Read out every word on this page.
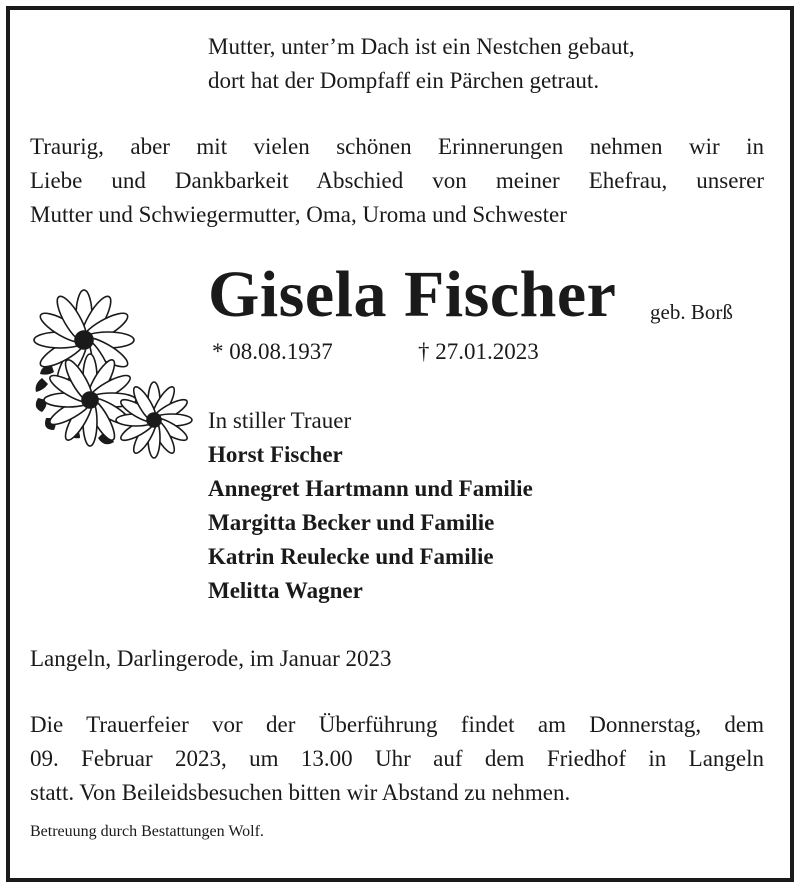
Mutter, unter’m Dach ist ein Nestchen gebaut,

dort hat der Dompfaff ein Pärchen getraut.

Traurig, aber mit vielen schönen Erinnerungen nehmen wir in
Liebe und Dankbarkeit Abschied von meiner Ehefrau, unserer
Mutter und Schwiegermutter, Oma, Uroma und Schwester

Gisela Fischer geb. Borß

* 08.08.1937	† 27.01.2023

In stiller Trauer

Horst Fischer

Annegret Hartmann und Familie

Margitta Becker und Familie

Katrin Reulecke und Familie

Melitta Wagner

Langeln, Darlingerode, im Januar 2023

Die Trauerfeier vor der Überführung findet am Donnerstag, dem
09. Februar 2023, um 13.00 Uhr auf dem Friedhof in Langeln
statt. Von Beileidsbesuchen bitten wir Abstand zu nehmen.

Betreuung durch Bestattungen Wolf.
